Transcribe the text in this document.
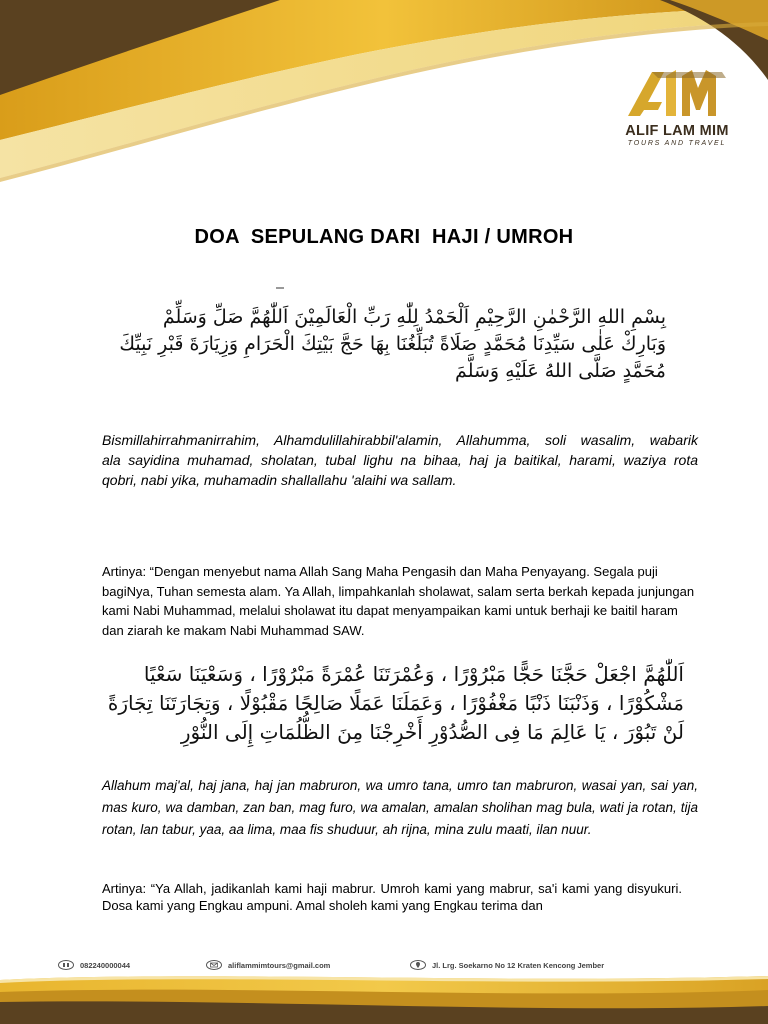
ALIF LAM MIM
TOURS AND TRAVEL
DOA  SEPULANG DARI  HAJI / UMROH
بِسْمِ اللهِ الرَّحْمٰنِ الرَّحِيْمِ اَلْحَمْدُ لِلّٰهِ رَبِّ الْعَالَمِيْنَ اَللّٰهُمَّ صَلِّ وَسَلِّمْ وَبَارِكْ عَلٰى سَيِّدِنَا مُحَمَّدٍ صَلَاةً تُبَلِّغُنَا بِهَا حَجَّ بَيْتِكَ الْحَرَامِ وَزِيَارَةَ قَبْرِ نَبِيِّكَ مُحَمَّدٍ صَلَّى اللهُ عَلَيْهِ وَسَلَّمَ

Bismillahirrahmanirrahim, Alhamdulillahirabbil'alamin, Allahumma, soli wasalim, wabarik

ala sayidina muhamad, sholatan, tubal lighu na bihaa, haj ja baitikal, harami, waziya rota

qobri, nabi yika, muhamadin shallallahu 'alaihi wa sallam.

Artinya: “Dengan menyebut nama Allah Sang Maha Pengasih dan Maha Penyayang. Segala puji bagiNya, Tuhan semesta alam. Ya Allah, limpahkanlah sholawat, salam serta berkah kepada junjungan kami Nabi Muhammad, melalui sholawat itu dapat menyampaikan kami untuk berhaji ke baitil haram dan ziarah ke makam Nabi Muhammad SAW.
اَللّٰهُمَّ اجْعَلْ حَجَّنَا حَجًّا مَبْرُوْرًا ، وَعُمْرَتَنَا عُمْرَةً مَبْرُوْرًا ، وَسَعْيَنَا سَعْيًا مَشْكُوْرًا ، وَذَنْبَنَا ذَنْبًا مَغْفُوْرًا ، وَعَمَلَنَا عَمَلًا صَالِحًا مَقْبُوْلًا ، وَتِجَارَتَنَا تِجَارَةً لَنْ تَبُوْرَ ، يَا عَالِمَ مَا فِى الصُّدُوْرِ أَخْرِجْنَا مِنَ الظُّلُمَاتِ إِلَى النُّوْرِ
Allahum maj'al, haj jana, haj jan mabruron, wa umro tana, umro tan mabruron, wasai yan, sai yan, mas kuro, wa damban, zan ban, mag furo, wa amalan, amalan sholihan mag bula, wati ja rotan, tija rotan, lan tabur, yaa, aa lima, maa fis shuduur, ah rijna, mina zulu maati, ilan nuur.
Artinya: “Ya Allah, jadikanlah kami haji mabrur. Umroh kami yang mabrur, sa'i kami yang disyukuri. Dosa kami yang Engkau ampuni. Amal sholeh kami yang Engkau terima dan
082240000044	aliflammimtours@gmail.com	Jl. Lrg. Soekarno No 12 Kraten Kencong Jember
